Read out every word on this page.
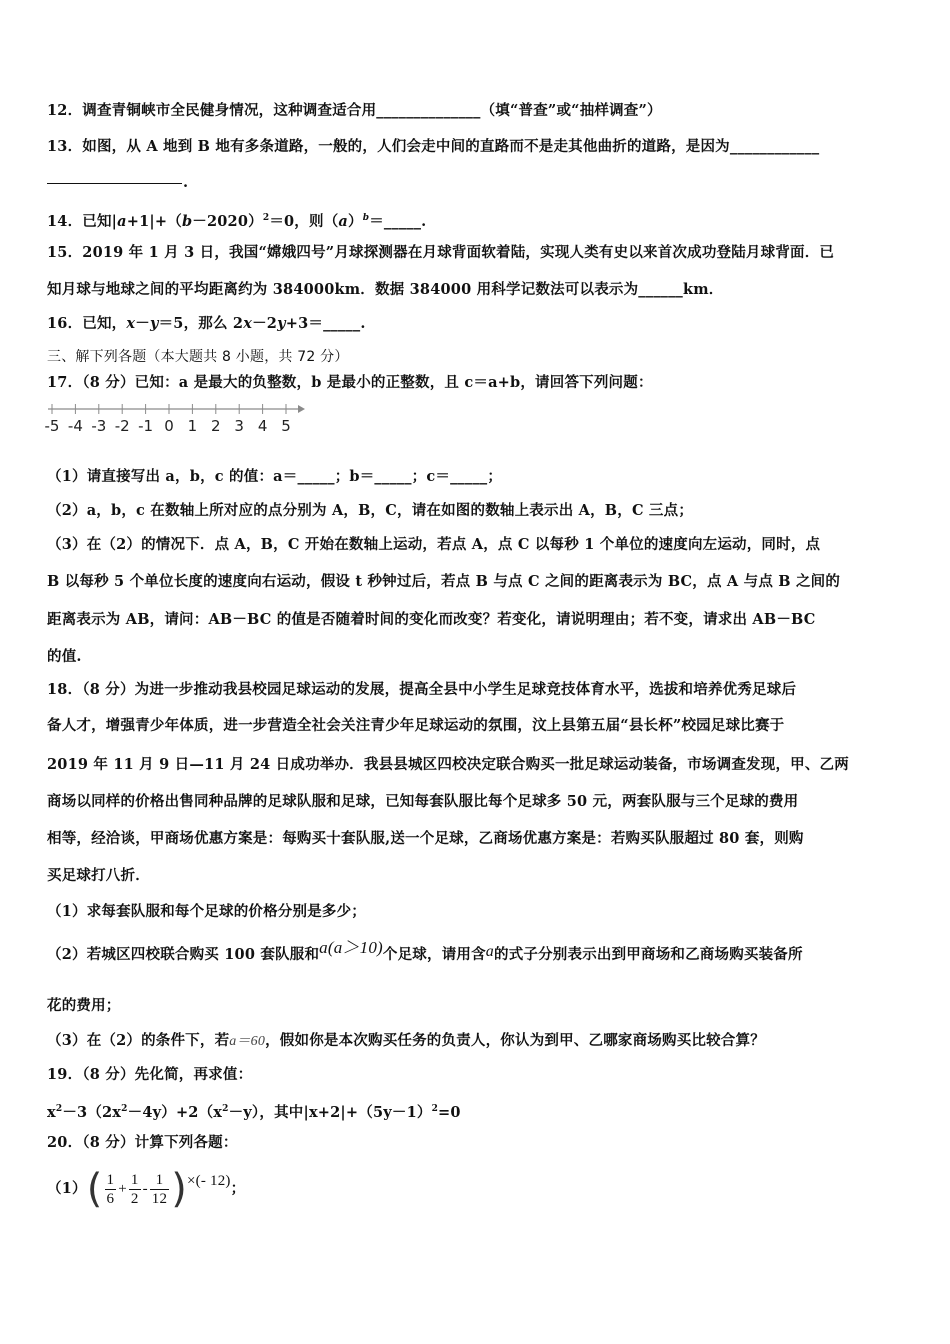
12．调查青铜峡市全民健身情况，这种调查适合用______________（填“普查”或“抽样调查”）
13．如图，从 A 地到 B 地有多条道路，一般的，人们会走中间的直路而不是走其他曲折的道路，是因为____________
.
14．已知$|a+1|+(b-2020)^2=0$，则$(a)^b=\_\_\_\_\_$.
15．2019 年 1 月 3 日，我国“嫦娥四号”月球探测器在月球背面软着陆，实现人类有史以来首次成功登陆月球背面．已
知月球与地球之间的平均距离约为 384000km．数据 384000 用科学记数法可以表示为______km．
16．已知，x－y＝5，那么 2x－2y+3＝_____.
三、解下列各题（本大题共 8 小题，共 72 分）
17．（8 分）已知：a 是最大的负整数，b 是最小的正整数，且 c＝a+b，请回答下列问题：
-5 -4 -3 -2 -1 0 1 2 3 4 5
（1）请直接写出 a，b，c 的值：a＝_____；b＝_____；c＝_____；
（2）a，b，c 在数轴上所对应的点分别为 A，B，C，请在如图的数轴上表示出 A，B，C 三点；
（3）在（2）的情况下．点 A，B，C 开始在数轴上运动，若点 A，点 C 以每秒 1 个单位的速度向左运动，同时，点
B 以每秒 5 个单位长度的速度向右运动，假设 t 秒钟过后，若点 B 与点 C 之间的距离表示为 BC，点 A 与点 B 之间的
距离表示为 AB，请问：AB－BC 的值是否随着时间的变化而改变？若变化，请说明理由；若不变，请求出 AB－BC
的值.
18．（8 分）为进一步推动我县校园足球运动的发展，提高全县中小学生足球竞技体育水平，选拔和培养优秀足球后
备人才，增强青少年体质，进一步营造全社会关注青少年足球运动的氛围，汶上县第五届“县长杯”校园足球比赛于
2019 年 11 月 9 日—11 月 24 日成功举办．我县县城区四校决定联合购买一批足球运动装备，市场调查发现，甲、乙两
商场以同样的价格出售同种品牌的足球队服和足球，已知每套队服比每个足球多 50 元，两套队服与三个足球的费用
相等，经洽谈，甲商场优惠方案是：每购买十套队服,送一个足球，乙商场优惠方案是：若购买队服超过 80 套，则购
买足球打八折．
（1）求每套队服和每个足球的价格分别是多少；
（2）若城区四校联合购买 100 套队服和a(a＞10)个足球，请用含a的式子分别表示出到甲商场和乙商场购买装备所
花的费用；
（3）在（2）的条件下，若a＝60，假如你是本次购买任务的负责人，你认为到甲、乙哪家商场购买比较合算？
19．（8 分）先化简，再求值：
$x^2-3(2x^2-4y)+2(x^2-y)$，其中$|x+2|+(5y-1)^2=0$
20．（8 分）计算下列各题：
$(1)( \frac{1}{6} + \frac{1}{2} - \frac{1}{12}$ )×(- 12)；
